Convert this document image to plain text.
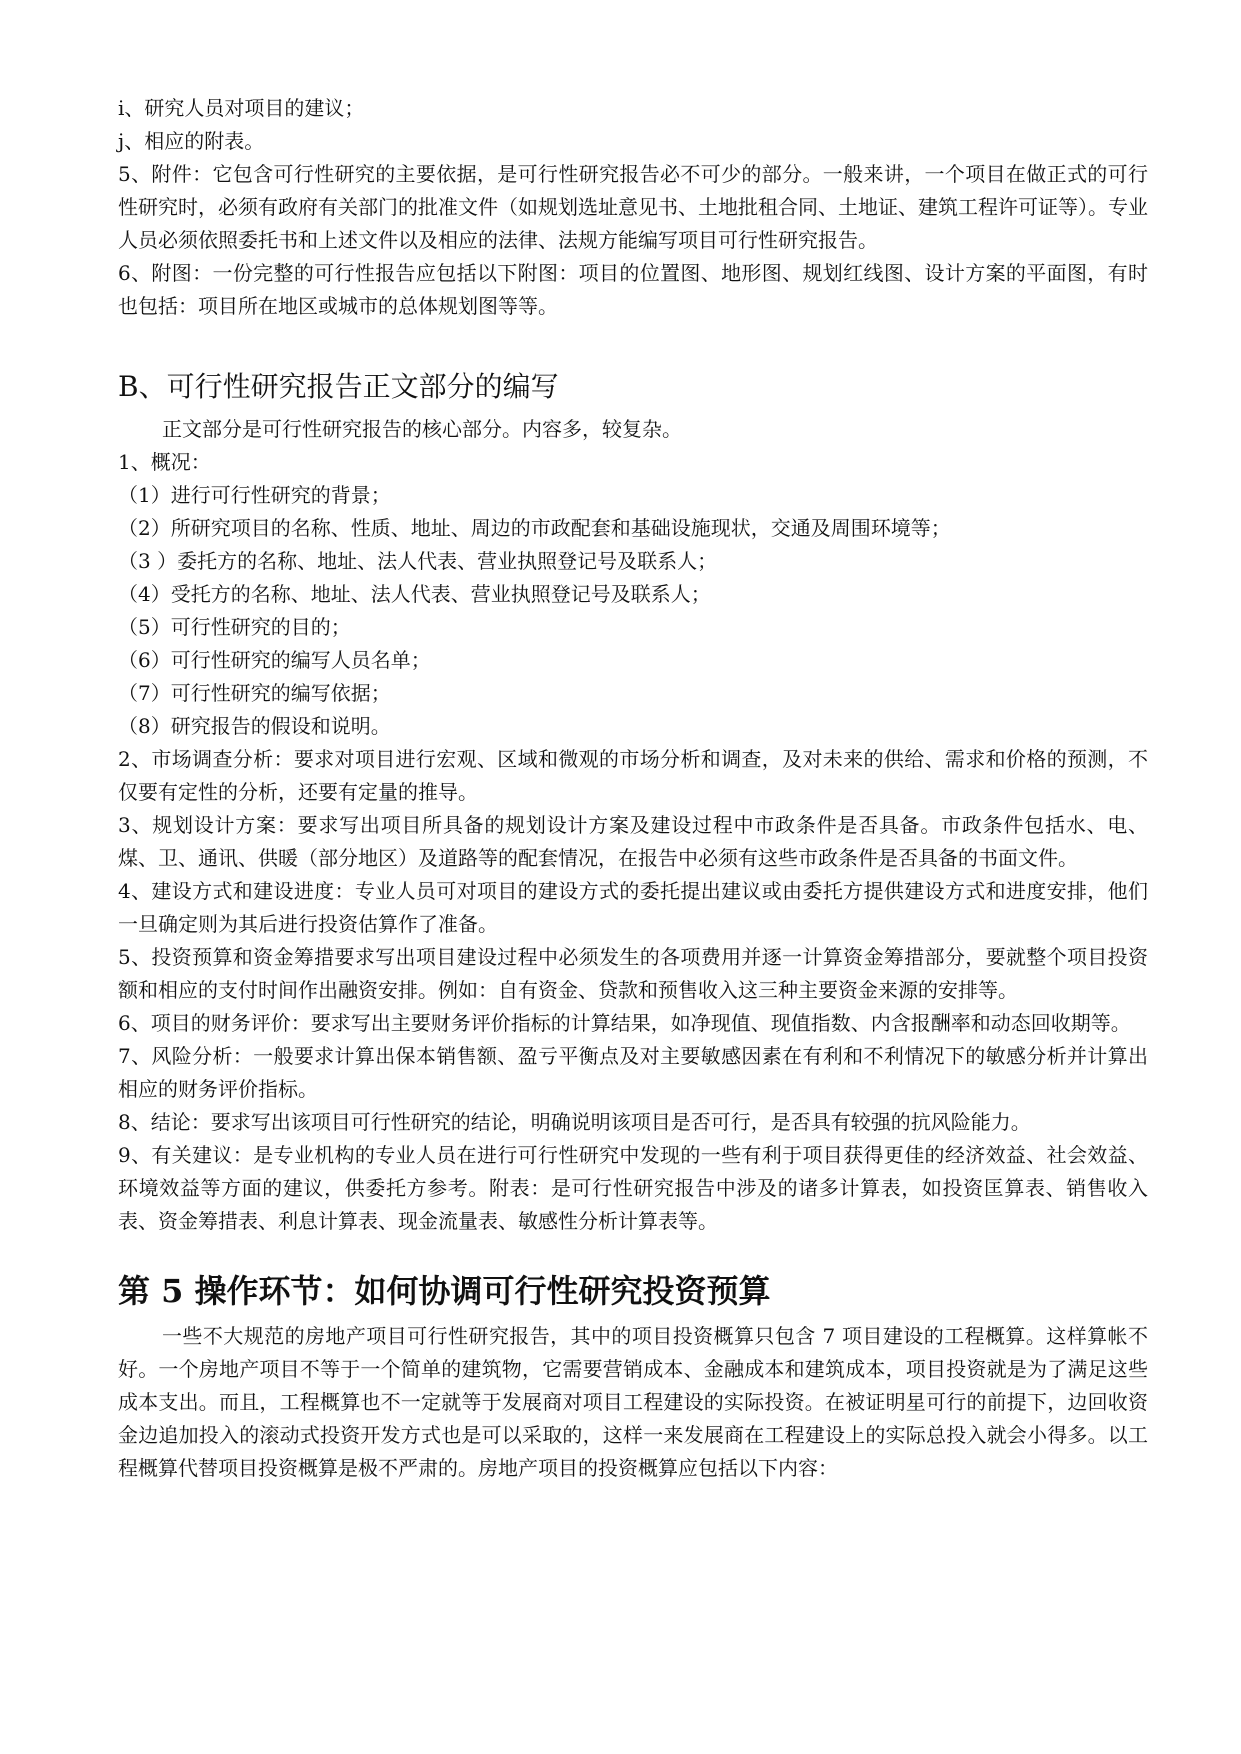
i、研究人员对项目的建议；

j、相应的附表。

5、附件：它包含可行性研究的主要依据，是可行性研究报告必不可少的部分。一般来讲，一个项目在做正式的可行性研究时，必须有政府有关部门的批准文件（如规划选址意见书、土地批租合同、土地证、建筑工程许可证等）。专业人员必须依照委托书和上述文件以及相应的法律、法规方能编写项目可行性研究报告。

6、附图：一份完整的可行性报告应包括以下附图：项目的位置图、地形图、规划红线图、设计方案的平面图，有时也包括：项目所在地区或城市的总体规划图等等。

B、可行性研究报告正文部分的编写

正文部分是可行性研究报告的核心部分。内容多，较复杂。

1、概况：

（1）进行可行性研究的背景；

（2）所研究项目的名称、性质、地址、周边的市政配套和基础设施现状，交通及周围环境等；

（3 ）委托方的名称、地址、法人代表、营业执照登记号及联系人；

（4）受托方的名称、地址、法人代表、营业执照登记号及联系人；

（5）可行性研究的目的；

（6）可行性研究的编写人员名单；

（7）可行性研究的编写依据；

（8）研究报告的假设和说明。

2、市场调查分析：要求对项目进行宏观、区域和微观的市场分析和调查，及对未来的供给、需求和价格的预测，不仅要有定性的分析，还要有定量的推导。

3、规划设计方案：要求写出项目所具备的规划设计方案及建设过程中市政条件是否具备。市政条件包括水、电、煤、卫、通讯、供暖（部分地区）及道路等的配套情况，在报告中必须有这些市政条件是否具备的书面文件。

4、建设方式和建设进度：专业人员可对项目的建设方式的委托提出建议或由委托方提供建设方式和进度安排，他们一旦确定则为其后进行投资估算作了准备。

5、投资预算和资金筹措要求写出项目建设过程中必须发生的各项费用并逐一计算资金筹措部分，要就整个项目投资额和相应的支付时间作出融资安排。例如：自有资金、贷款和预售收入这三种主要资金来源的安排等。

6、项目的财务评价：要求写出主要财务评价指标的计算结果，如净现值、现值指数、内含报酬率和动态回收期等。

7、风险分析：一般要求计算出保本销售额、盈亏平衡点及对主要敏感因素在有利和不利情况下的敏感分析并计算出相应的财务评价指标。

8、结论：要求写出该项目可行性研究的结论，明确说明该项目是否可行，是否具有较强的抗风险能力。

9、有关建议：是专业机构的专业人员在进行可行性研究中发现的一些有利于项目获得更佳的经济效益、社会效益、环境效益等方面的建议，供委托方参考。附表：是可行性研究报告中涉及的诸多计算表，如投资匡算表、销售收入表、资金筹措表、利息计算表、现金流量表、敏感性分析计算表等。

第 5 操作环节：如何协调可行性研究投资预算

一些不大规范的房地产项目可行性研究报告，其中的项目投资概算只包含 7 项目建设的工程概算。这样算帐不好。一个房地产项目不等于一个简单的建筑物，它需要营销成本、金融成本和建筑成本，项目投资就是为了满足这些成本支出。而且，工程概算也不一定就等于发展商对项目工程建设的实际投资。在被证明星可行的前提下，边回收资金边追加投入的滚动式投资开发方式也是可以采取的，这样一来发展商在工程建设上的实际总投入就会小得多。以工程概算代替项目投资概算是极不严肃的。房地产项目的投资概算应包括以下内容：
